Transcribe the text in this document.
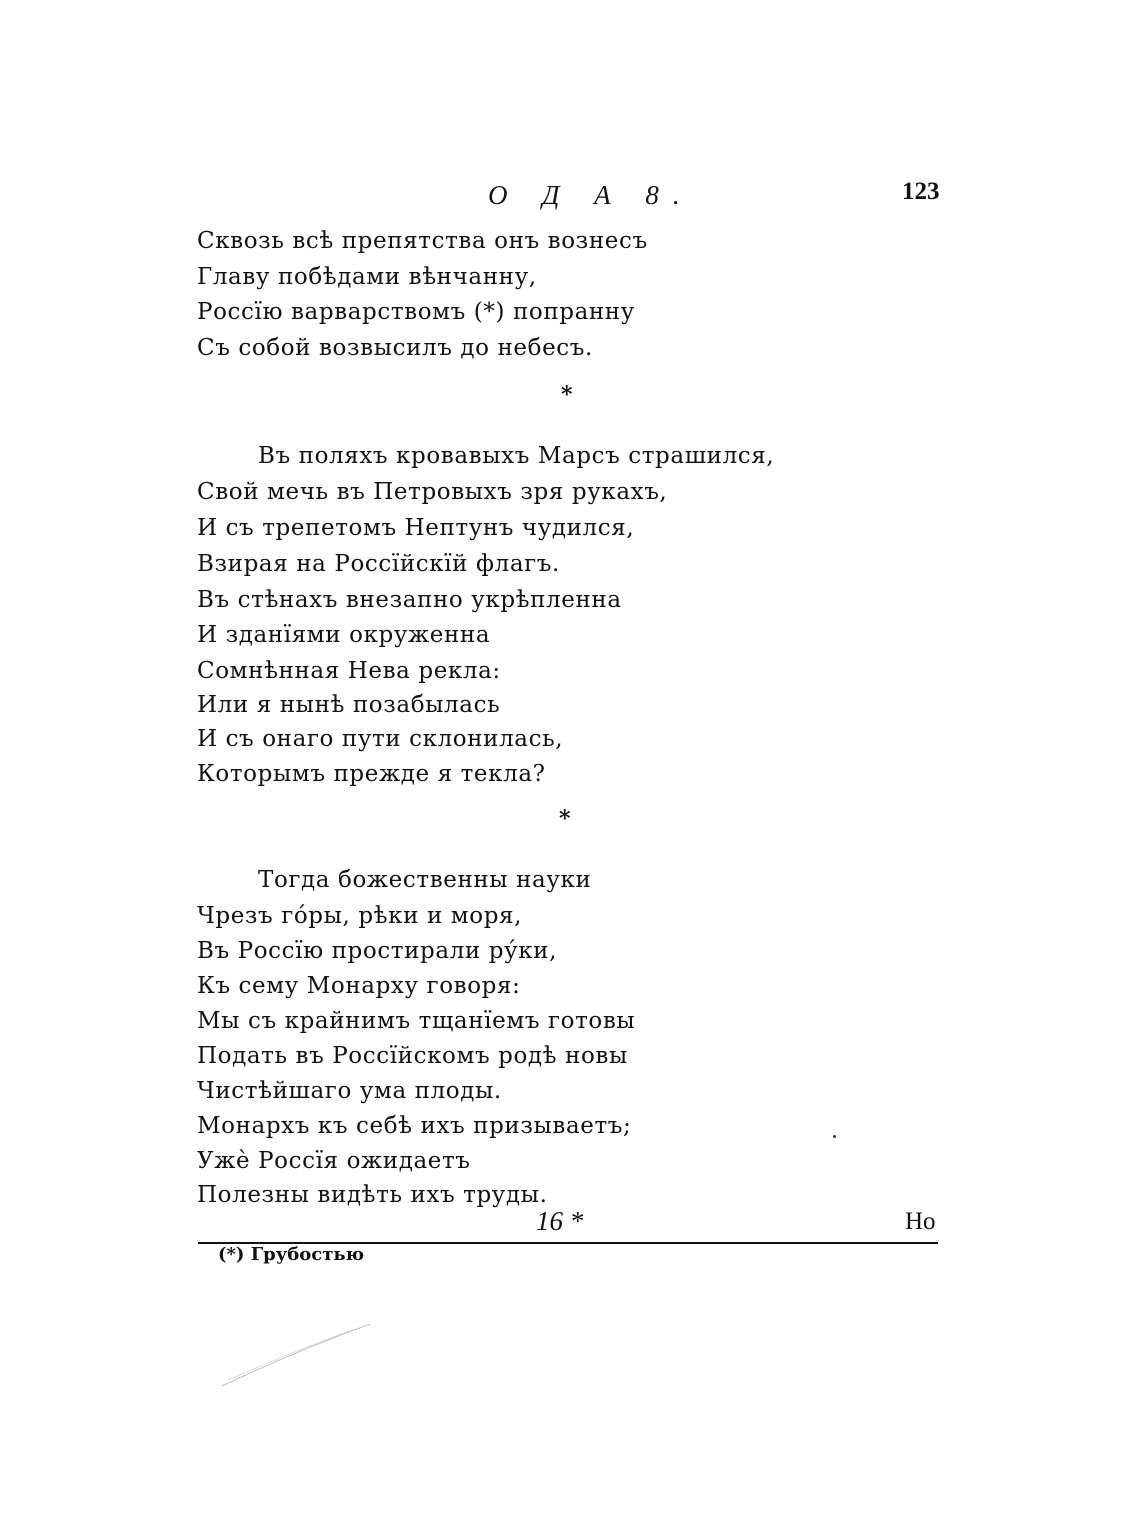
О Д А 8.	123
Сквозь всѣ препятства онъ вознесъ
Главу побѣдами вѣнчанну,
Россїю варварствомъ (*) попранну
Съ собой возвысилъ до небесъ.
*
Въ поляхъ кровавыхъ Марсъ страшился,
Свой мечь въ Петровыхъ зря рукахъ,
И съ трепетомъ Нептунъ чудился,
Взирая на Россїйскїй флагъ.
Въ стѣнахъ внезапно укрѣпленна
И зданїями окруженна
Сомнѣнная Нева рекла:
Или я нынѣ позабылась
И съ онаго пути склонилась,
Которымъ прежде я текла?
*
Тогда божественны науки
Чрезъ го́ры, рѣки и моря,
Въ Россїю простирали ру́ки,
Къ сему Монарху говоря:
Мы съ крайнимъ тщанїемъ готовы
Подать въ Россїйскомъ родѣ новы
Чистѣйшаго ума плоды.
Монархъ къ себѣ ихъ призываетъ;
Ужѐ Россїя ожидаетъ
Полезны видѣть ихъ труды.
16 *	Но
(*) Грубостью
